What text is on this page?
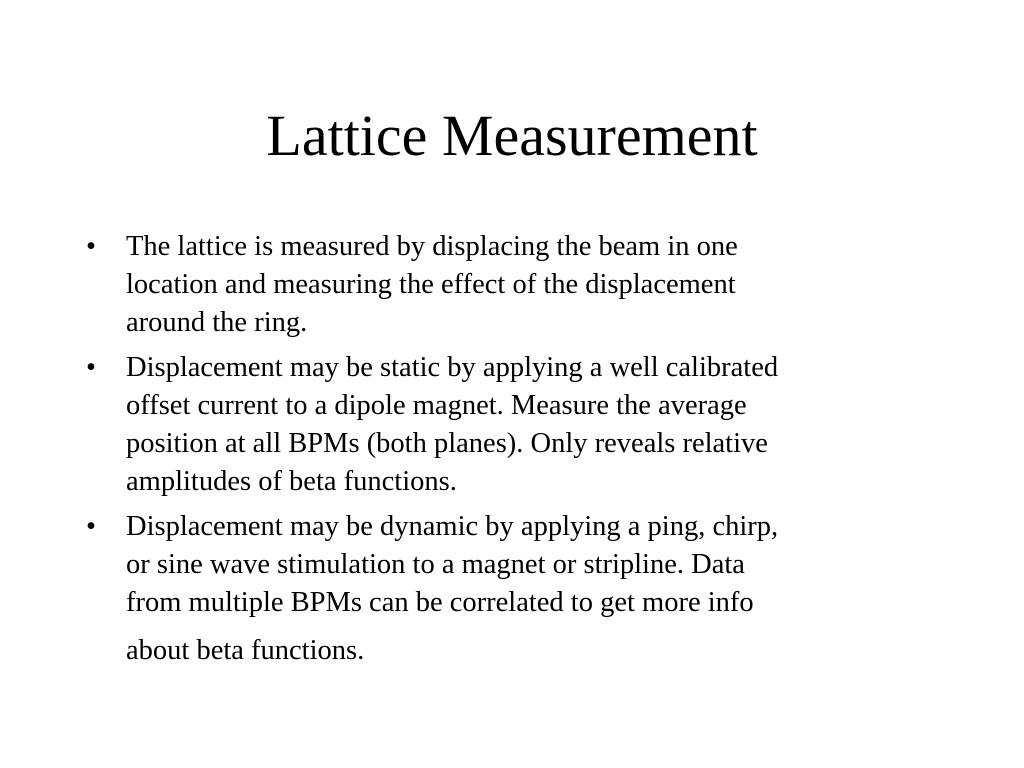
Lattice Measurement
•	The lattice is measured by displacing the beam in one
location and measuring the effect of the displacement
around the ring.
•	Displacement may be static by applying a well calibrated
offset current to a dipole magnet. Measure the average
position at all BPMs (both planes). Only reveals relative
amplitudes of beta functions.
•	Displacement may be dynamic by applying a ping, chirp,
or sine wave stimulation to a magnet or stripline. Data
from multiple BPMs can be correlated to get more info
about beta functions.
